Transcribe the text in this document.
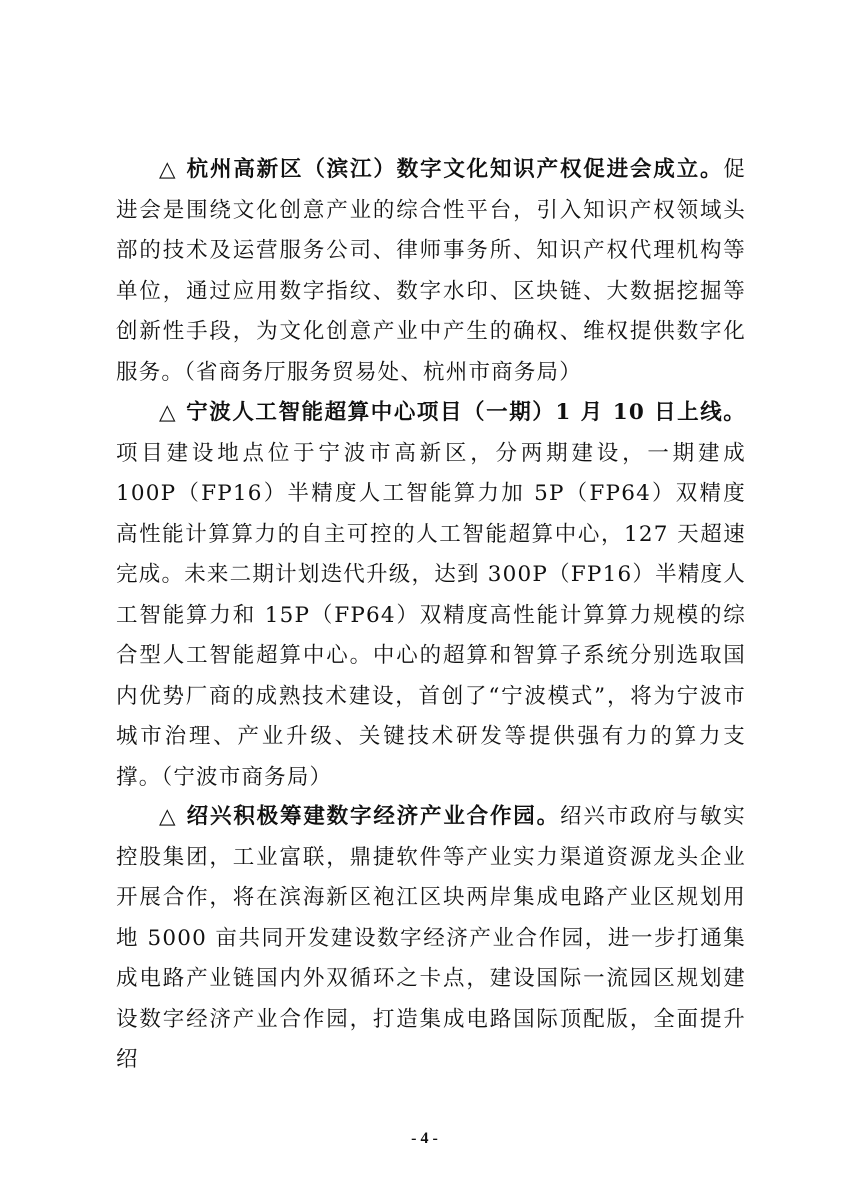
△ 杭州高新区（滨江）数字文化知识产权促进会成立。促进会是围绕文化创意产业的综合性平台，引入知识产权领域头部的技术及运营服务公司、律师事务所、知识产权代理机构等单位，通过应用数字指纹、数字水印、区块链、大数据挖掘等创新性手段，为文化创意产业中产生的确权、维权提供数字化服务。（省商务厅服务贸易处、杭州市商务局）

△ 宁波人工智能超算中心项目（一期）1 月 10 日上线。项目建设地点位于宁波市高新区，分两期建设，一期建成 100P（FP16）半精度人工智能算力加 5P（FP64）双精度高性能计算算力的自主可控的人工智能超算中心，127 天超速完成。未来二期计划迭代升级，达到 300P（FP16）半精度人工智能算力和 15P（FP64）双精度高性能计算算力规模的综合型人工智能超算中心。中心的超算和智算子系统分别选取国内优势厂商的成熟技术建设，首创了“宁波模式”，将为宁波市城市治理、产业升级、关键技术研发等提供强有力的算力支撑。（宁波市商务局）

△ 绍兴积极筹建数字经济产业合作园。绍兴市政府与敏实控股集团，工业富联，鼎捷软件等产业实力渠道资源龙头企业开展合作，将在滨海新区袍江区块两岸集成电路产业区规划用地 5000 亩共同开发建设数字经济产业合作园，进一步打通集成电路产业链国内外双循环之卡点，建设国际一流园区规划建设数字经济产业合作园，打造集成电路国际顶配版，全面提升绍

- 4 -
